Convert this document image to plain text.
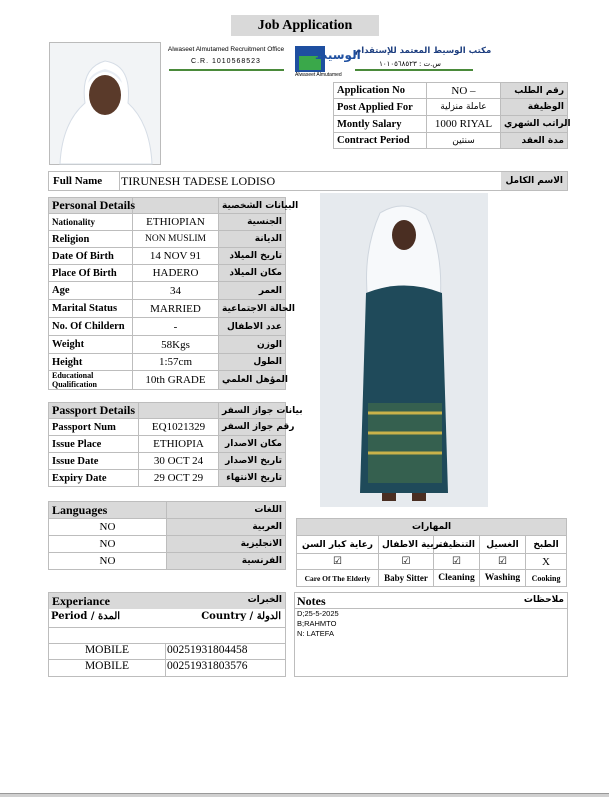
Job Application
Alwaseet Almutamed Recruitment Office
C.R. 1010568523	الوسيط
Alwaseet Almutamed
مكتب الوسيط المعتمد للإستقدام
س.ت : ١٠١٠٥٦٨٥٢٣
Application No	NO –	رقم الطلب
Post Applied For	عاملة منزلية	الوظيفة
Montly Salary	1000 RIYAL	الراتب الشهري
Contract Period	سنتين	مدة العقد
Full Name	TIRUNESH TADESE LODISO	الاسم الكامل
Personal Details		البيانات الشخصية
Nationality	ETHIOPIAN	الجنسية
Religion	NON MUSLIM	الديانة
Date Of Birth	14 NOV 91	تاريخ الميلاد
Place Of Birth	HADERO	مكان الميلاد
Age	34	العمر
Marital Status	MARRIED	الحالة الاجتماعية
No. Of Childern	-	عدد الاطفال
Weight	58Kgs	الوزن
Height	1:57cm	الطول
Educational Qualification	10th GRADE	المؤهل العلمي
Passport Details		بيانات جواز السفر
Passport Num	EQ1021329	رقم جواز السفر
Issue Place	ETHIOPIA	مكان الاصدار
Issue Date	30 OCT 24	تاريخ الاصدار
Expiry Date	29 OCT 29	تاريخ الانتهاء
Languages	اللغات
NO	العربية
NO	الانجليزية
NO	الفرنسية
المهارات				
رعاية كبار السن	تربية الاطفال	التنظيف	الغسيل	الطبخ
☑	☑	☑	☑	X
Care Of The Elderly	Baby Sitter	Cleaning	Washing	Cooking
Experiance	الخبرات
Period / المدة	Country / الدولة
MOBILE	00251931804458
MOBILE	00251931803576
Notes	ملاحظات
D;25-5-2025
B;RAHMTO
N: LATEFA
